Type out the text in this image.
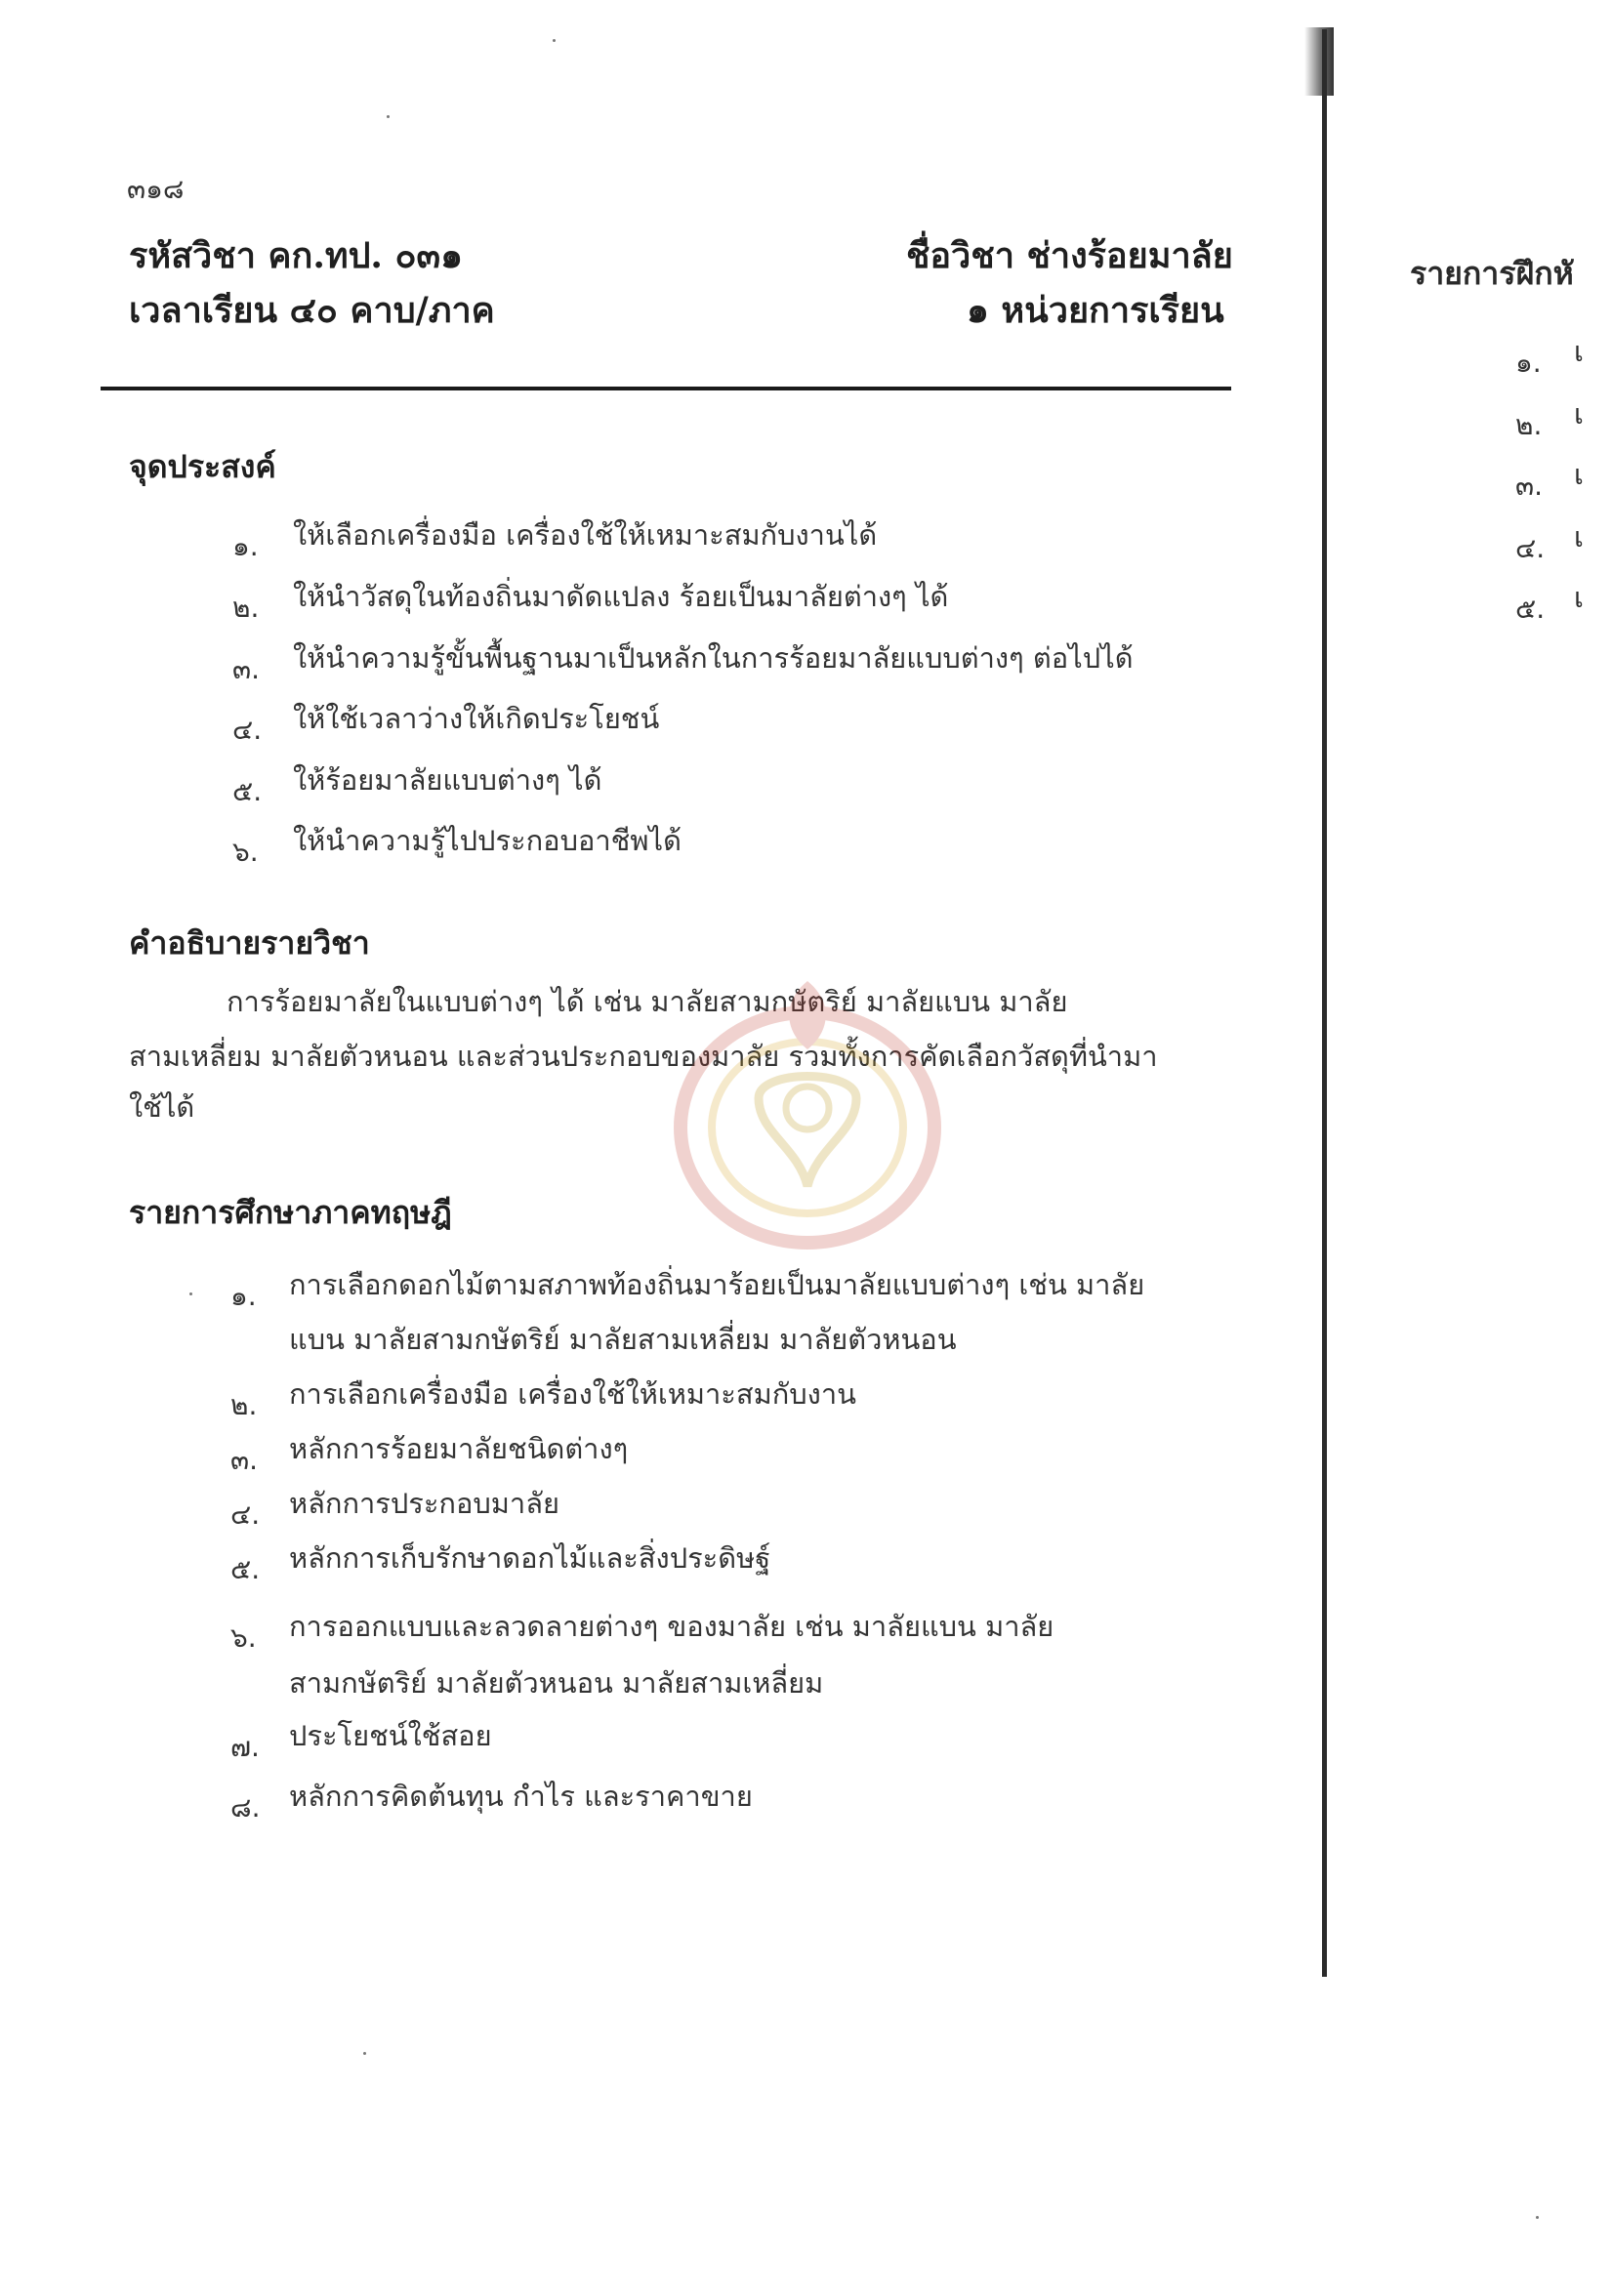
๓๑๘
รหัสวิชา คก.ทป. ๐๓๑	ชื่อวิชา ช่างร้อยมาลัย
เวลาเรียน ๔๐ คาบ/ภาค	๑ หน่วยการเรียน
จุดประสงค์
๑. ให้เลือกเครื่องมือ เครื่องใช้ให้เหมาะสมกับงานได้
๒. ให้นำวัสดุในท้องถิ่นมาดัดแปลง ร้อยเป็นมาลัยต่างๆ ได้
๓. ให้นำความรู้ขั้นพื้นฐานมาเป็นหลักในการร้อยมาลัยแบบต่างๆ ต่อไปได้
๔. ให้ใช้เวลาว่างให้เกิดประโยชน์
๕. ให้ร้อยมาลัยแบบต่างๆ ได้
๖. ให้นำความรู้ไปประกอบอาชีพได้
คำอธิบายรายวิชา
การร้อยมาลัยในแบบต่างๆ ได้ เช่น มาลัยสามกษัตริย์ มาลัยแบน มาลัย
สามเหลี่ยม มาลัยตัวหนอน และส่วนประกอบของมาลัย รวมทั้งการคัดเลือกวัสดุที่นำมา
ใช้ได้
รายการศึกษาภาคทฤษฎี
๑. การเลือกดอกไม้ตามสภาพท้องถิ่นมาร้อยเป็นมาลัยแบบต่างๆ เช่น มาลัย
แบน มาลัยสามกษัตริย์ มาลัยสามเหลี่ยม มาลัยตัวหนอน
๒. การเลือกเครื่องมือ เครื่องใช้ให้เหมาะสมกับงาน
๓. หลักการร้อยมาลัยชนิดต่างๆ
๔. หลักการประกอบมาลัย
๕. หลักการเก็บรักษาดอกไม้และสิ่งประดิษฐ์
๖. การออกแบบและลวดลายต่างๆ ของมาลัย เช่น มาลัยแบน มาลัย
สามกษัตริย์ มาลัยตัวหนอน มาลัยสามเหลี่ยม
๗. ประโยชน์ใช้สอย
๘. หลักการคิดต้นทุน กำไร และราคาขาย
รายการฝึกหั
๑. เ
๒. เ
๓. เ
๔. เ
๕. เ
